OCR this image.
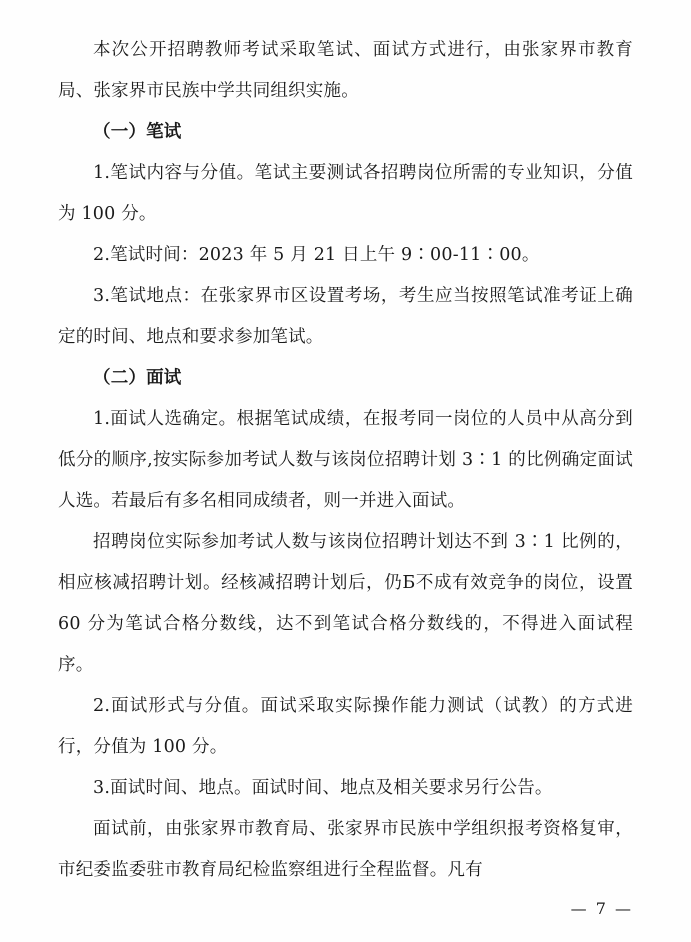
本次公开招聘教师考试采取笔试、面试方式进行，由张家界市教育局、张家界市民族中学共同组织实施。

（一）笔试

1.笔试内容与分值。笔试主要测试各招聘岗位所需的专业知识，分值为 100 分。

2.笔试时间：2023 年 5 月 21 日上午 9∶00-11∶00。

3.笔试地点：在张家界市区设置考场，考生应当按照笔试准考证上确定的时间、地点和要求参加笔试。

（二）面试

1.面试人选确定。根据笔试成绩，在报考同一岗位的人员中从高分到低分的顺序,按实际参加考试人数与该岗位招聘计划 3∶1 的比例确定面试人选。若最后有多名相同成绩者，则一并进入面试。

招聘岗位实际参加考试人数与该岗位招聘计划达不到 3∶1 比例的，相应核减招聘计划。经核减招聘计划后，仍Б不成有效竞争的岗位，设置 60 分为笔试合格分数线，达不到笔试合格分数线的，不得进入面试程序。

2.面试形式与分值。面试采取实际操作能力测试（试教）的方式进行，分值为 100 分。

3.面试时间、地点。面试时间、地点及相关要求另行公告。

面试前，由张家界市教育局、张家界市民族中学组织报考资格复审，市纪委监委驻市教育局纪检监察组进行全程监督。凡有

— 7 —
